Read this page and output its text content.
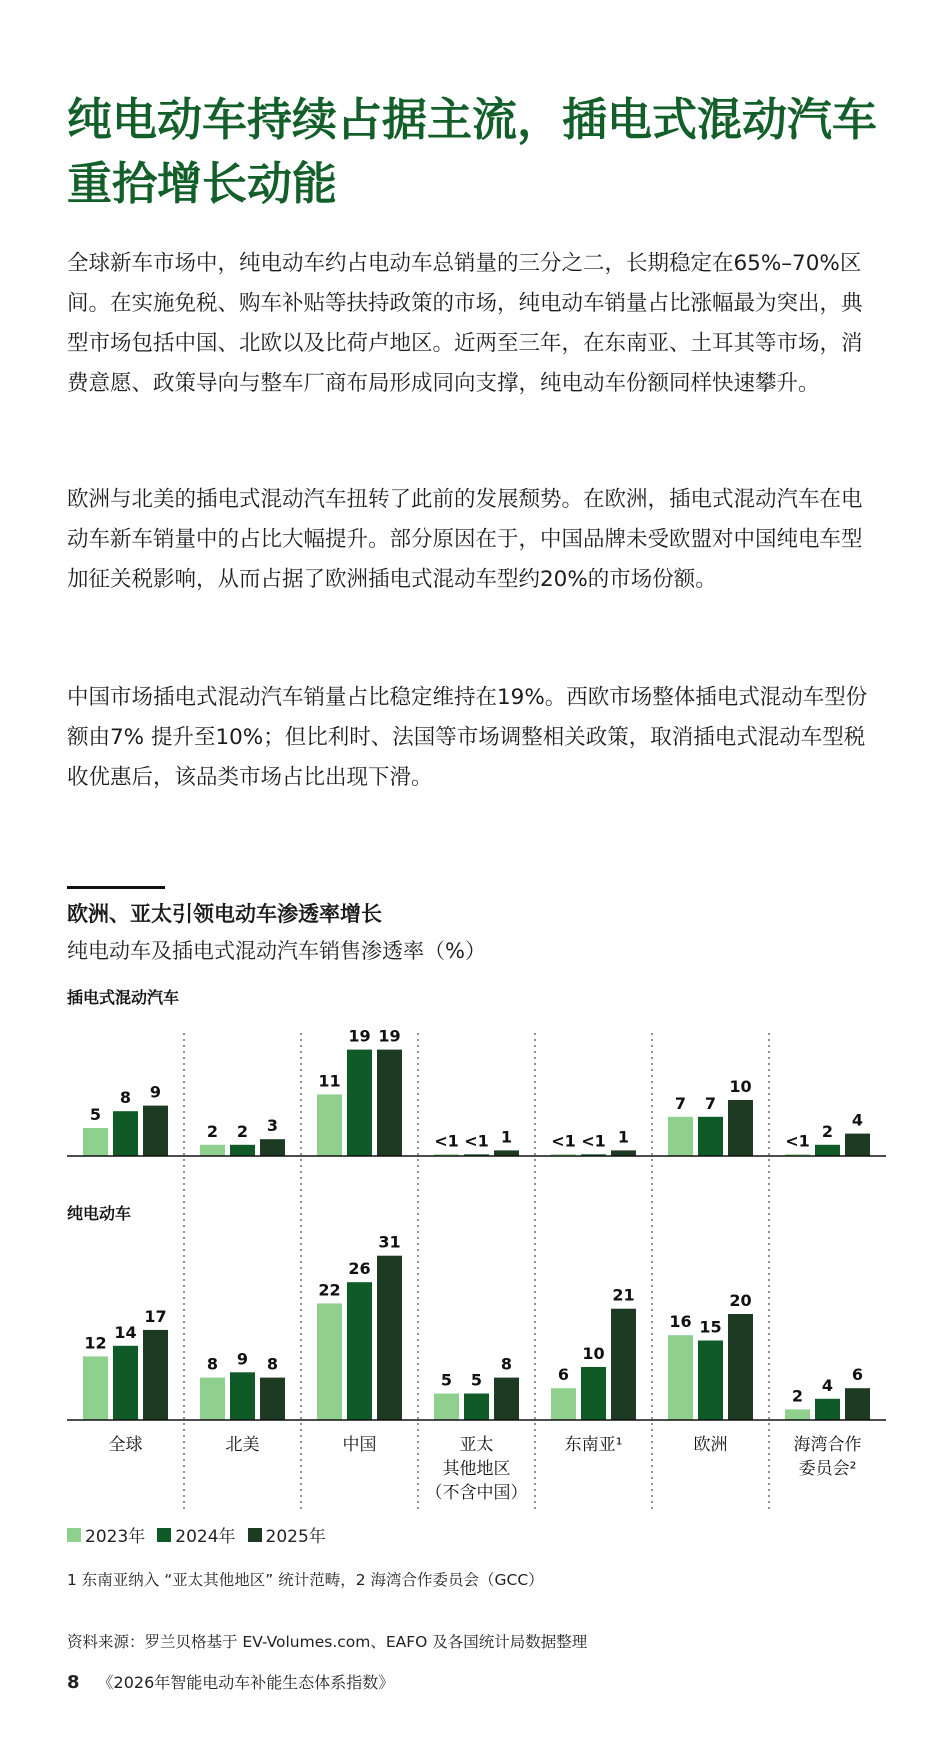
纯电动车持续占据主流，插电式混动汽车重拾增长动能

全球新车市场中，纯电动车约占电动车总销量的三分之二，长期稳定在65%–70%区间。在实施免税、购车补贴等扶持政策的市场，纯电动车销量占比涨幅最为突出，典型市场包括中国、北欧以及比荷卢地区。近两至三年，在东南亚、土耳其等市场，消费意愿、政策导向与整车厂商布局形成同向支撑，纯电动车份额同样快速攀升。

欧洲与北美的插电式混动汽车扭转了此前的发展颓势。在欧洲，插电式混动汽车在电动车新车销量中的占比大幅提升。部分原因在于，中国品牌未受欧盟对中国纯电车型加征关税影响，从而占据了欧洲插电式混动车型约20%的市场份额。

中国市场插电式混动汽车销量占比稳定维持在19%。西欧市场整体插电式混动车型份额由7% 提升至10%；但比利时、法国等市场调整相关政策，取消插电式混动车型税收优惠后，该品类市场占比出现下滑。

欧洲、亚太引领电动车渗透率增长

纯电动车及插电式混动汽车销售渗透率（%）

插电式混动汽车
5
8 9
2 2 3
11
19 19
<1 <1 1 <1 <1 1
7 7
10
<1
2
4
纯电动车
12
14
17
8 9 8
22
26
31
5 5
8
6
10
21
16 15
20
2
4
6
全球	北美	中国	亚太其他地区（不含中国）
东南亚¹	欧洲	海湾合作委员会²
2023年 2024年 2025年

1 东南亚纳入 “亚太其他地区” 统计范畴，2 海湾合作委员会（GCC）

资料来源：罗兰贝格基于 EV-Volumes.com、EAFO 及各国统计局数据整理

8 《2026年智能电动车补能生态体系指数》
